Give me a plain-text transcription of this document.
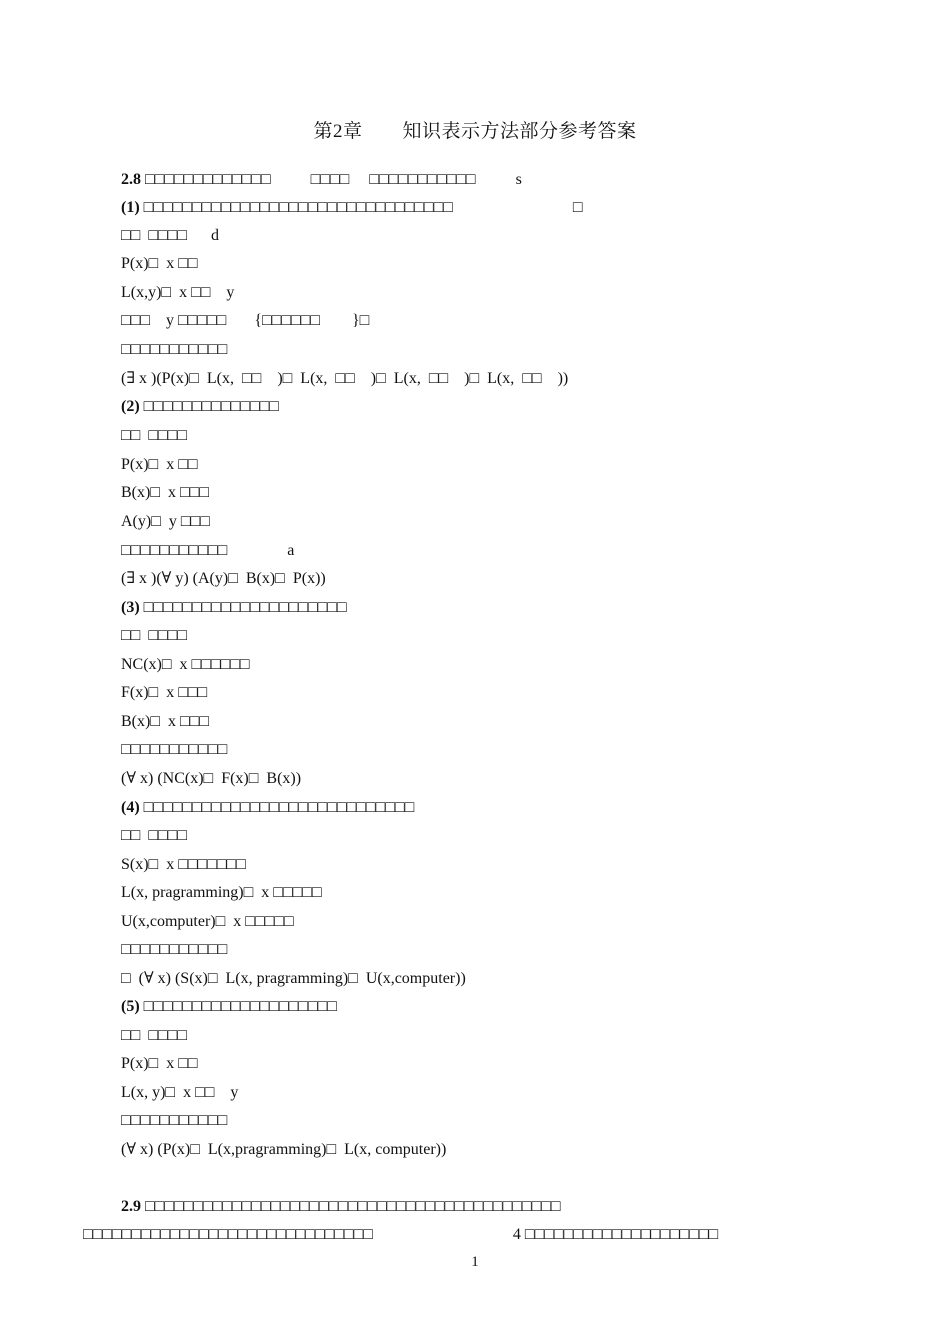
第2章 知识表示方法部分参考答案
2.8 □□□□□□□□□□□□□          □□□□     □□□□□□□□□□□          s
(1) □□□□□□□□□□□□□□□□□□□□□□□□□□□□□□□□                              □
□□  □□□□      d
P(x)□  x □□
L(x,y)□  x □□    y
□□□    y □□□□□       {□□□□□□        }□
□□□□□□□□□□□
(∃ x )(P(x)□  L(x,  □□    )□  L(x,  □□    )□  L(x,  □□    )□  L(x,  □□    ))
(2) □□□□□□□□□□□□□□
□□  □□□□
P(x)□  x □□
B(x)□  x □□□
A(y)□  y □□□
□□□□□□□□□□□               a
(∃ x )(∀ y) (A(y)□  B(x)□  P(x))
(3) □□□□□□□□□□□□□□□□□□□□□
□□  □□□□
NC(x)□  x □□□□□□
F(x)□  x □□□
B(x)□  x □□□
□□□□□□□□□□□
(∀ x) (NC(x)□  F(x)□  B(x))
(4) □□□□□□□□□□□□□□□□□□□□□□□□□□□□
□□  □□□□
S(x)□  x □□□□□□□
L(x, pragramming)□  x □□□□□
U(x,computer)□  x □□□□□
□□□□□□□□□□□
□  (∀ x) (S(x)□  L(x, pragramming)□  U(x,computer))
(5) □□□□□□□□□□□□□□□□□□□□
□□  □□□□
P(x)□  x □□
L(x, y)□  x □□    y
□□□□□□□□□□□
(∀ x) (P(x)□  L(x,pragramming)□  L(x, computer))
2.9 □□□□□□□□□□□□□□□□□□□□□□□□□□□□□□□□□□□□□□□□□□□
□□□□□□□□□□□□□□□□□□□□□□□□□□□□□□                                   4 □□□□□□□□□□□□□□□□□□□□
1
